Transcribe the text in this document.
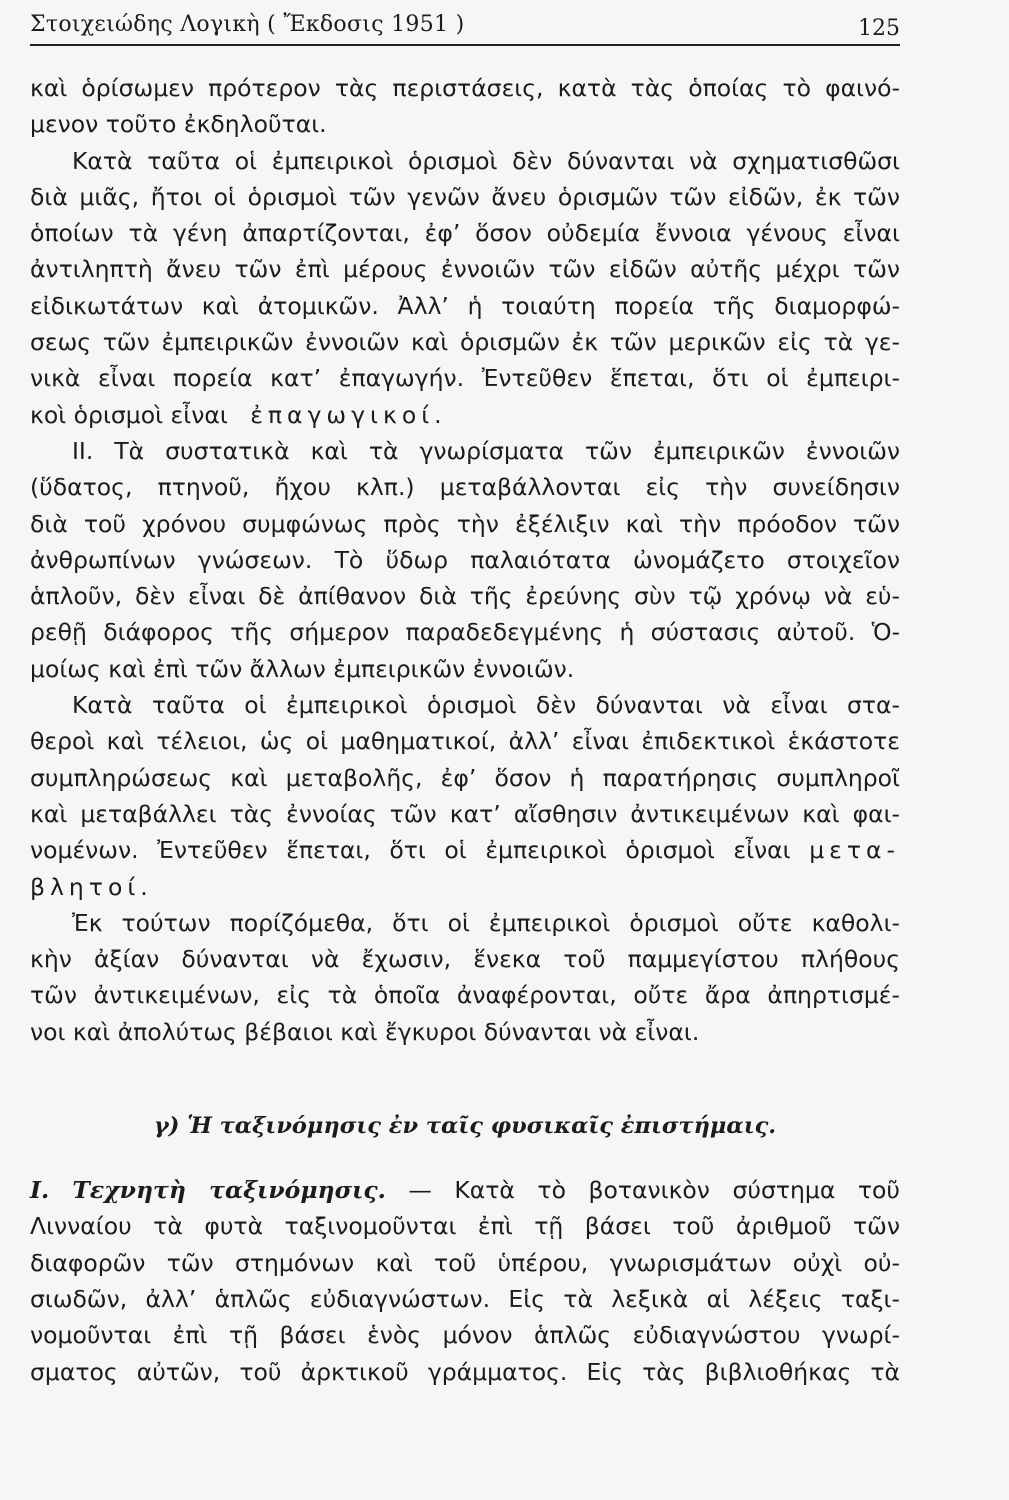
Στοιχειώδης Λογικὴ ( Ἔκδοσις 1951 )	125
καὶ ὁρίσωμεν πρότερον τὰς περιστάσεις, κατὰ τὰς ὁποίας τὸ φαινό-
μενον τοῦτο ἐκδηλοῦται.
Κατὰ ταῦτα οἱ ἐμπειρικοὶ ὁρισμοὶ δὲν δύνανται νὰ σχηματισθῶσι
διὰ μιᾶς, ἤτοι οἱ ὁρισμοὶ τῶν γενῶν ἄνευ ὁρισμῶν τῶν εἰδῶν, ἐκ τῶν
ὁποίων τὰ γένη ἀπαρτίζονται, ἐφ’ ὅσον οὐδεμία ἔννοια γένους εἶναι
ἀντιληπτὴ ἄνευ τῶν ἐπὶ μέρους ἐννοιῶν τῶν εἰδῶν αὐτῆς μέχρι τῶν
εἰδικωτάτων καὶ ἀτομικῶν. Ἀλλ’ ἡ τοιαύτη πορεία τῆς διαμορφώ-
σεως τῶν ἐμπειρικῶν ἐννοιῶν καὶ ὁρισμῶν ἐκ τῶν μερικῶν εἰς τὰ γε-
νικὰ εἶναι πορεία κατ’ ἐπαγωγήν. Ἐντεῦθεν ἕπεται, ὅτι οἱ ἐμπειρι-
κοὶ ὁρισμοὶ εἶναι ἐπαγωγικοί.
ΙΙ. Τὰ συστατικὰ καὶ τὰ γνωρίσματα τῶν ἐμπειρικῶν ἐννοιῶν
(ὕδατος, πτηνοῦ, ἤχου κλπ.) μεταβάλλονται εἰς τὴν συνείδησιν
διὰ τοῦ χρόνου συμφώνως πρὸς τὴν ἐξέλιξιν καὶ τὴν πρόοδον τῶν
ἀνθρωπίνων γνώσεων. Τὸ ὕδωρ παλαιότατα ὠνομάζετο στοιχεῖον
ἁπλοῦν, δὲν εἶναι δὲ ἀπίθανον διὰ τῆς ἐρεύνης σὺν τῷ χρόνῳ νὰ εὑ-
ρεθῇ διάφορος τῆς σήμερον παραδεδεγμένης ἡ σύστασις αὐτοῦ. Ὁ-
μοίως καὶ ἐπὶ τῶν ἄλλων ἐμπειρικῶν ἐννοιῶν.
Κατὰ ταῦτα οἱ ἐμπειρικοὶ ὁρισμοὶ δὲν δύνανται νὰ εἶναι στα-
θεροὶ καὶ τέλειοι, ὡς οἱ μαθηματικοί, ἀλλ’ εἶναι ἐπιδεκτικοὶ ἑκάστοτε
συμπληρώσεως καὶ μεταβολῆς, ἐφ’ ὅσον ἡ παρατήρησις συμπληροῖ
καὶ μεταβάλλει τὰς ἐννοίας τῶν κατ’ αἴσθησιν ἀντικειμένων καὶ φαι-
νομένων. Ἐντεῦθεν ἕπεται, ὅτι οἱ ἐμπειρικοὶ ὁρισμοὶ εἶναι μετα-
βλητοί.
Ἐκ τούτων πορίζόμεθα, ὅτι οἱ ἐμπειρικοὶ ὁρισμοὶ οὔτε καθολι-
κὴν ἀξίαν δύνανται νὰ ἔχωσιν, ἕνεκα τοῦ παμμεγίστου πλήθους
τῶν ἀντικειμένων, εἰς τὰ ὁποῖα ἀναφέρονται, οὔτε ἄρα ἀπηρτισμέ-
νοι καὶ ἀπολύτως βέβαιοι καὶ ἔγκυροι δύνανται νὰ εἶναι.
γ) Ἡ ταξινόμησις ἐν ταῖς φυσικαῖς ἐπιστήμαις.
Ι. Τεχνητὴ ταξινόμησις. — Κατὰ τὸ βοτανικὸν σύστημα τοῦ
Λινναίου τὰ φυτὰ ταξινομοῦνται ἐπὶ τῇ βάσει τοῦ ἀριθμοῦ τῶν
διαφορῶν τῶν στημόνων καὶ τοῦ ὑπέρου, γνωρισμάτων οὐχὶ οὐ-
σιωδῶν, ἀλλ’ ἁπλῶς εὐδιαγνώστων. Εἰς τὰ λεξικὰ αἱ λέξεις ταξι-
νομοῦνται ἐπὶ τῇ βάσει ἑνὸς μόνον ἁπλῶς εὐδιαγνώστου γνωρί-
σματος αὐτῶν, τοῦ ἀρκτικοῦ γράμματος. Εἰς τὰς βιβλιοθήκας τὰ
